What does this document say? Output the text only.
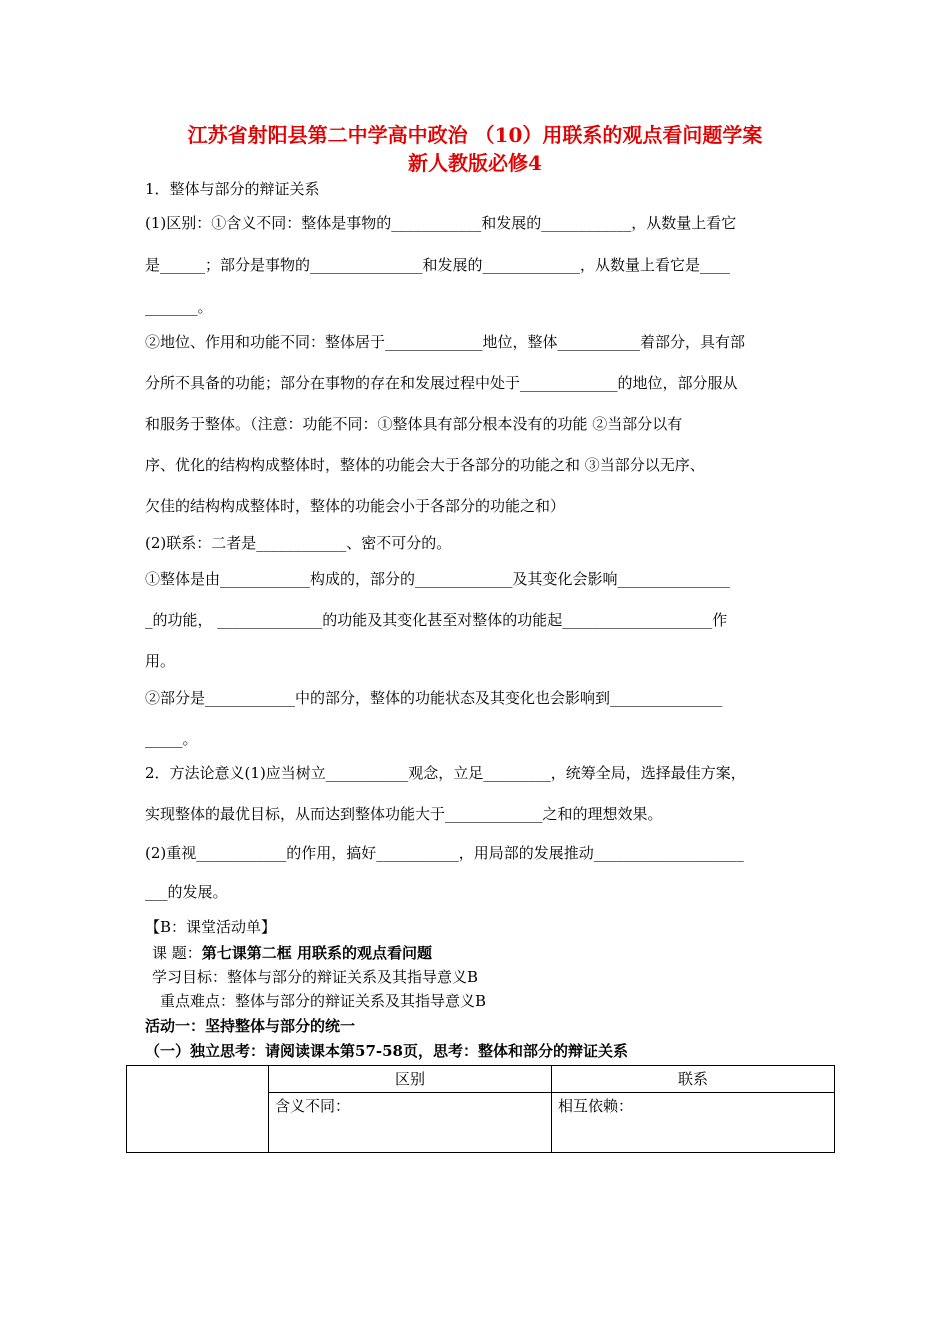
江苏省射阳县第二中学高中政治 （10）用联系的观点看问题学案
新人教版必修4
1．整体与部分的辩证关系
(1)区别：①含义不同：整体是事物的____________和发展的____________，从数量上看它
是______；部分是事物的_______________和发展的_____________，从数量上看它是____
_______。
②地位、作用和功能不同：整体居于_____________地位，整体___________着部分，具有部
分所不具备的功能；部分在事物的存在和发展过程中处于_____________的地位，部分服从
和服务于整体。（注意：功能不同：①整体具有部分根本没有的功能 ②当部分以有
序、优化的结构构成整体时，整体的功能会大于各部分的功能之和 ③当部分以无序、
欠佳的结构构成整体时，整体的功能会小于各部分的功能之和）
(2)联系：二者是____________、密不可分的。
①整体是由____________构成的，部分的_____________及其变化会影响_______________
_的功能， ______________的功能及其变化甚至对整体的功能起____________________作
用。
②部分是____________中的部分，整体的功能状态及其变化也会影响到_______________
_____。
2．方法论意义(1)应当树立___________观念，立足_________，统筹全局，选择最佳方案，
实现整体的最优目标，从而达到整体功能大于_____________之和的理想效果。
(2)重视____________的作用，搞好___________，用局部的发展推动____________________
___的发展。
【B：课堂活动单】
课 题：第七课第二框 用联系的观点看问题
学习目标：整体与部分的辩证关系及其指导意义B
重点难点：整体与部分的辩证关系及其指导意义B
活动一：坚持整体与部分的统一
（一）独立思考：请阅读课本第57-58页，思考：整体和部分的辩证关系
	区别	联系
	含义不同：	相互依赖：
